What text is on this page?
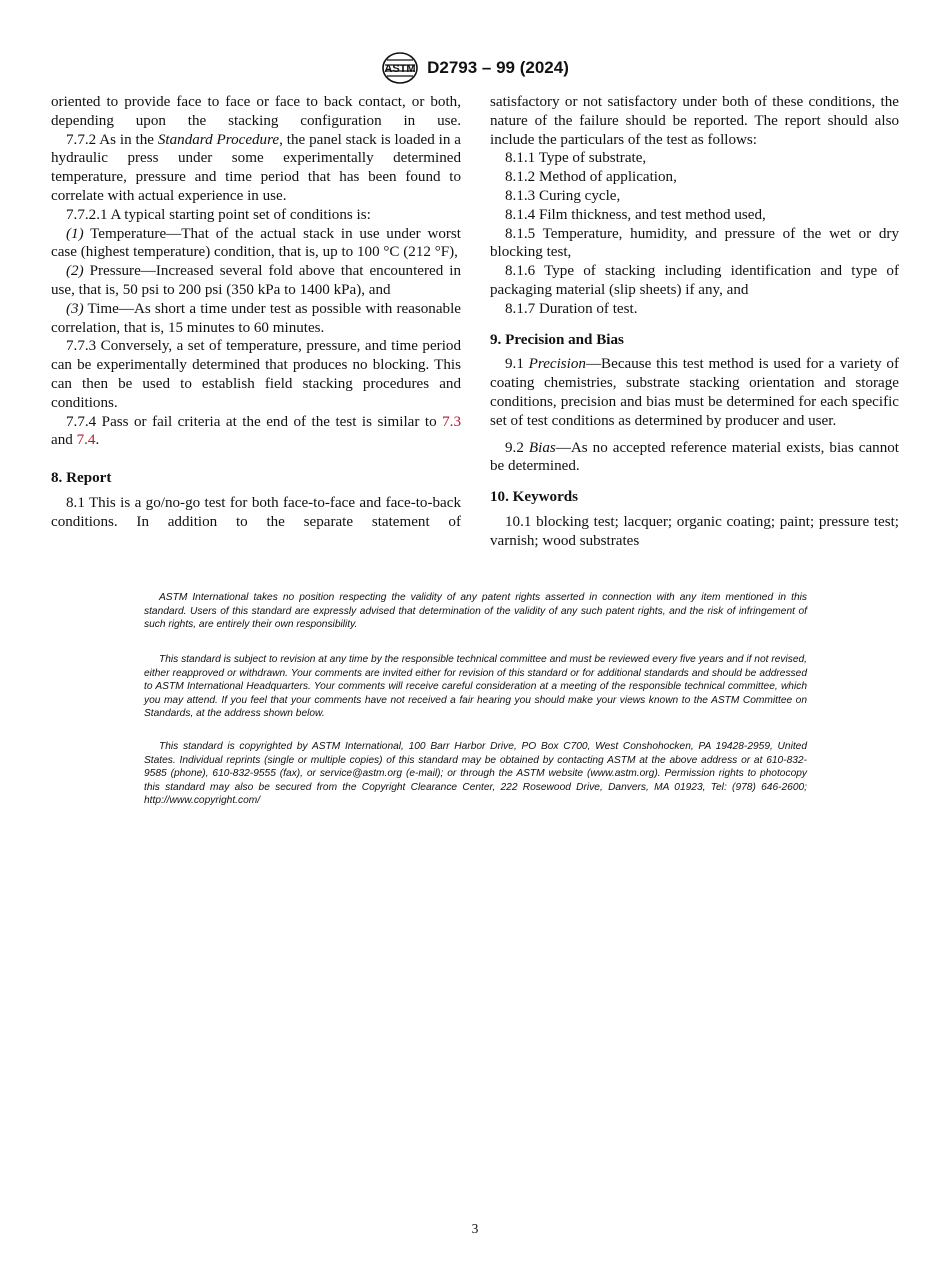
ASTM D2793 – 99 (2024)

oriented to provide face to face or face to back contact, or both, depending upon the stacking configuration in use.

7.7.2 As in the Standard Procedure, the panel stack is loaded in a hydraulic press under some experimentally determined temperature, pressure and time period that has been found to correlate with actual experience in use.

7.7.2.1 A typical starting point set of conditions is:

(1) Temperature—That of the actual stack in use under worst case (highest temperature) condition, that is, up to 100 °C (212 °F),

(2) Pressure—Increased several fold above that encountered in use, that is, 50 psi to 200 psi (350 kPa to 1400 kPa), and

(3) Time—As short a time under test as possible with reasonable correlation, that is, 15 minutes to 60 minutes.

7.7.3 Conversely, a set of temperature, pressure, and time period can be experimentally determined that produces no blocking. This can then be used to establish field stacking procedures and conditions.

7.7.4 Pass or fail criteria at the end of the test is similar to 7.3 and 7.4.

8. Report

8.1 This is a go/no-go test for both face-to-face and face-to-back conditions. In addition to the separate statement of

satisfactory or not satisfactory under both of these conditions, the nature of the failure should be reported. The report should also include the particulars of the test as follows:

8.1.1 Type of substrate,

8.1.2 Method of application,

8.1.3 Curing cycle,

8.1.4 Film thickness, and test method used,

8.1.5 Temperature, humidity, and pressure of the wet or dry blocking test,

8.1.6 Type of stacking including identification and type of packaging material (slip sheets) if any, and

8.1.7 Duration of test.

9. Precision and Bias

9.1 Precision—Because this test method is used for a variety of coating chemistries, substrate stacking orientation and storage conditions, precision and bias must be determined for each specific set of test conditions as determined by producer and user.

9.2 Bias—As no accepted reference material exists, bias cannot be determined.

10. Keywords

10.1 blocking test; lacquer; organic coating; paint; pressure test; varnish; wood substrates

ASTM International takes no position respecting the validity of any patent rights asserted in connection with any item mentioned in this standard. Users of this standard are expressly advised that determination of the validity of any such patent rights, and the risk of infringement of such rights, are entirely their own responsibility.

This standard is subject to revision at any time by the responsible technical committee and must be reviewed every five years and if not revised, either reapproved or withdrawn. Your comments are invited either for revision of this standard or for additional standards and should be addressed to ASTM International Headquarters. Your comments will receive careful consideration at a meeting of the responsible technical committee, which you may attend. If you feel that your comments have not received a fair hearing you should make your views known to the ASTM Committee on Standards, at the address shown below.

This standard is copyrighted by ASTM International, 100 Barr Harbor Drive, PO Box C700, West Conshohocken, PA 19428-2959, United States. Individual reprints (single or multiple copies) of this standard may be obtained by contacting ASTM at the above address or at 610-832-9585 (phone), 610-832-9555 (fax), or service@astm.org (e-mail); or through the ASTM website (www.astm.org). Permission rights to photocopy this standard may also be secured from the Copyright Clearance Center, 222 Rosewood Drive, Danvers, MA 01923, Tel: (978) 646-2600; http://www.copyright.com/

3
